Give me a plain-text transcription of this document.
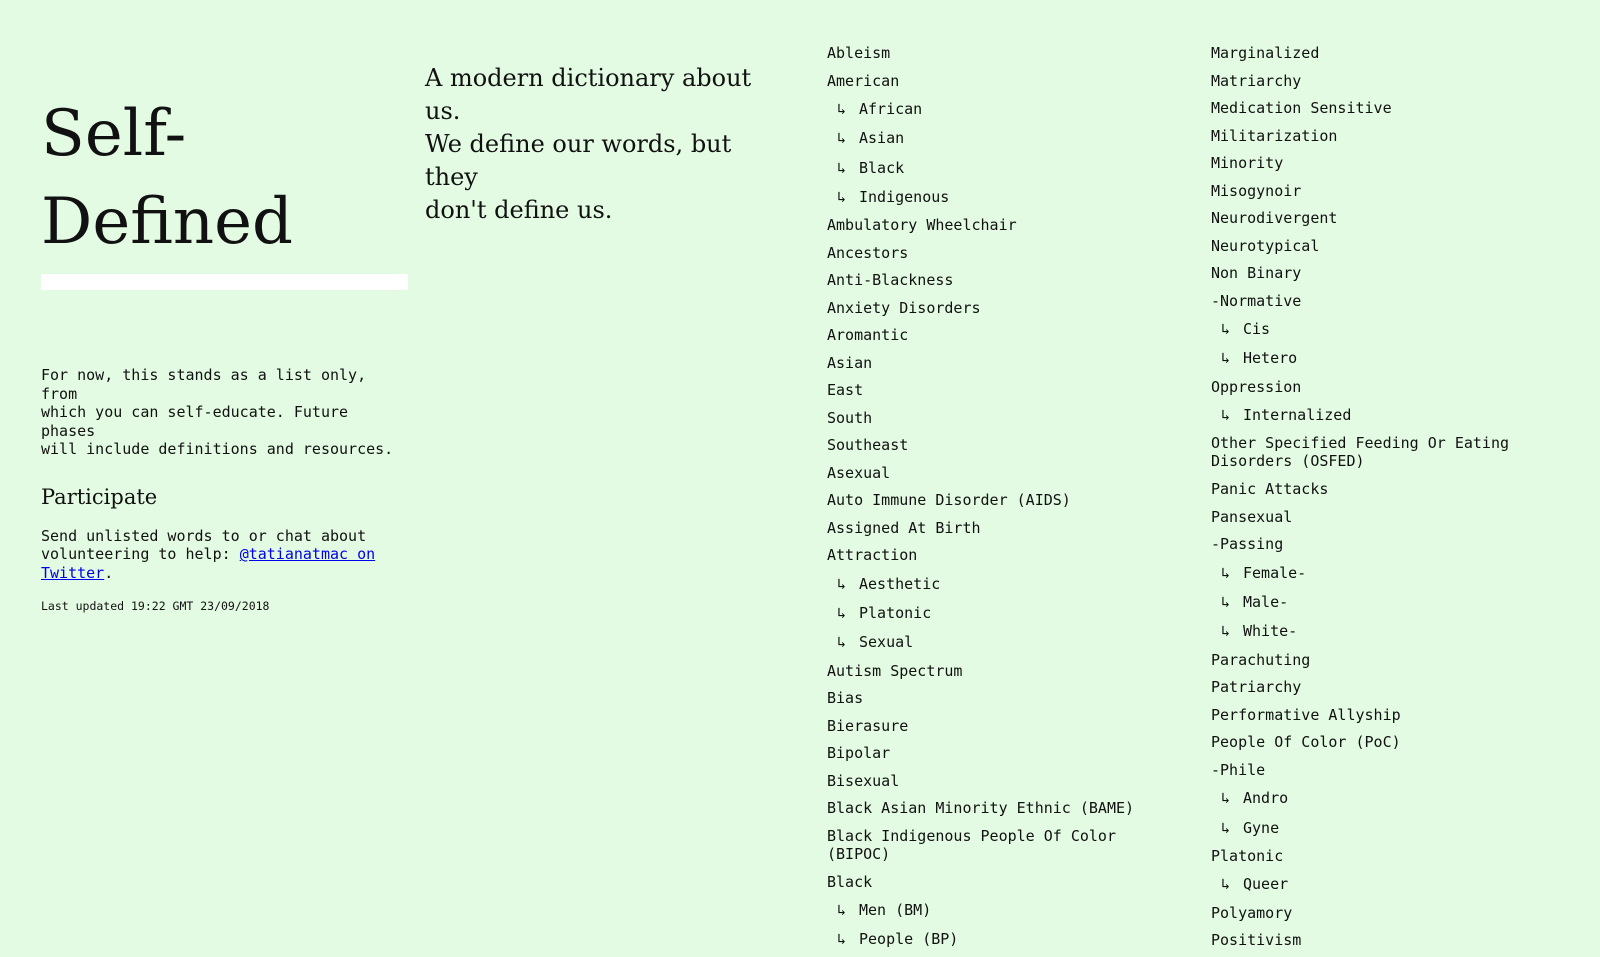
Self-
Defined

For now, this stands as a list only, from
which you can self-educate. Future phases
will include definitions and resources.

Participate

Send unlisted words to or chat about volunteering to help: @tatianatmac on Twitter.

Last updated 19:22 GMT 23/09/2018
A modern dictionary about us.
We define our words, but they
don't define us.
Ableism
American
↳ African
↳ Asian
↳ Black
↳ Indigenous
Ambulatory Wheelchair
Ancestors
Anti-Blackness
Anxiety Disorders
Aromantic
Asian
East
South
Southeast
Asexual
Auto Immune Disorder (AIDS)
Assigned At Birth
Attraction
↳ Aesthetic
↳ Platonic
↳ Sexual
Autism Spectrum
Bias
Bierasure
Bipolar
Bisexual
Black Asian Minority Ethnic (BAME)
Black Indigenous People Of Color (BIPOC)
Black
↳ Men (BM)
↳ People (BP)
Marginalized
Matriarchy
Medication Sensitive
Militarization
Minority
Misogynoir
Neurodivergent
Neurotypical
Non Binary
-Normative
↳ Cis
↳ Hetero
Oppression
↳ Internalized
Other Specified Feeding Or Eating Disorders (OSFED)
Panic Attacks
Pansexual
-Passing
↳ Female-
↳ Male-
↳ White-
Parachuting
Patriarchy
Performative Allyship
People Of Color (PoC)
-Phile
↳ Andro
↳ Gyne
Platonic
↳ Queer
Polyamory
Positivism
